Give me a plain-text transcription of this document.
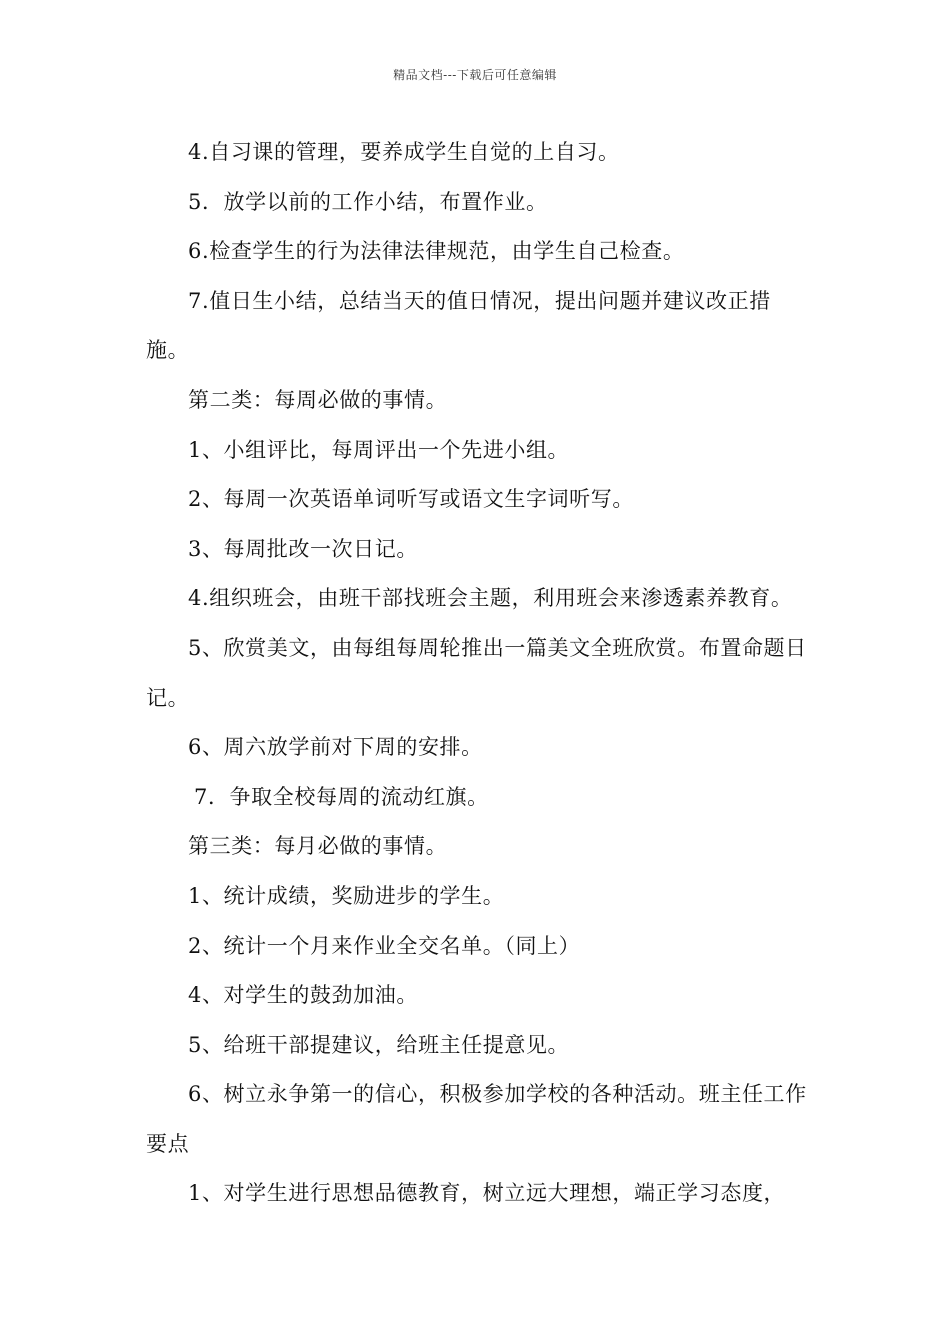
精品文档---下载后可任意编辑

4.自习课的管理，要养成学生自觉的上自习。

5．放学以前的工作小结，布置作业。

6.检查学生的行为法律法律规范，由学生自己检查。

7.值日生小结，总结当天的值日情况，提出问题并建议改正措施。

第二类：每周必做的事情。

1、小组评比，每周评出一个先进小组。

2、每周一次英语单词听写或语文生字词听写。

3、每周批改一次日记。

4.组织班会，由班干部找班会主题，利用班会来渗透素养教育。

5、欣赏美文，由每组每周轮推出一篇美文全班欣赏。布置命题日记。

6、周六放学前对下周的安排。

7．争取全校每周的流动红旗。

第三类：每月必做的事情。

1、统计成绩，奖励进步的学生。

2、统计一个月来作业全交名单。（同上）

4、对学生的鼓劲加油。

5、给班干部提建议，给班主任提意见。

6、树立永争第一的信心，积极参加学校的各种活动。班主任工作要点

1、对学生进行思想品德教育，树立远大理想，端正学习态度，
